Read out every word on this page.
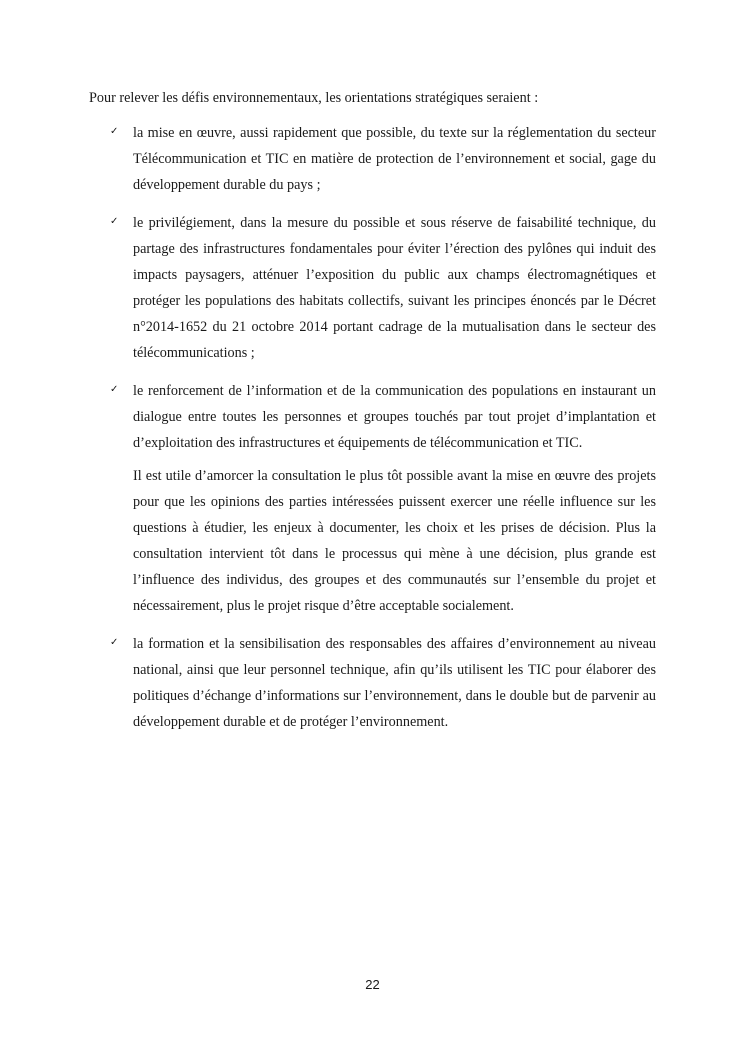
Pour relever les défis environnementaux, les orientations stratégiques seraient :

✓ la mise en œuvre, aussi rapidement que possible, du texte sur la réglementation du secteur Télécommunication et TIC en matière de protection de l’environnement et social, gage du développement durable du pays ;

✓ le privilégiement, dans la mesure du possible et sous réserve de faisabilité technique, du partage des infrastructures fondamentales pour éviter l’érection des pylônes qui induit des impacts paysagers, atténuer l’exposition du public aux champs électromagnétiques et protéger les populations des habitats collectifs, suivant les principes énoncés par le Décret n°2014-1652 du 21 octobre 2014 portant cadrage de la mutualisation dans le secteur des télécommunications ;

✓ le renforcement de l’information et de la communication des populations en instaurant un dialogue entre toutes les personnes et groupes touchés par tout projet d’implantation et d’exploitation des infrastructures et équipements de télécommunication et TIC.

Il est utile d’amorcer la consultation le plus tôt possible avant la mise en œuvre des projets pour que les opinions des parties intéressées puissent exercer une réelle influence sur les questions à étudier, les enjeux à documenter, les choix et les prises de décision. Plus la consultation intervient tôt dans le processus qui mène à une décision, plus grande est l’influence des individus, des groupes et des communautés sur l’ensemble du projet et nécessairement, plus le projet risque d’être acceptable socialement.

✓ la formation et la sensibilisation des responsables des affaires d’environnement au niveau national, ainsi que leur personnel technique, afin qu’ils utilisent les TIC pour élaborer des politiques d’échange d’informations sur l’environnement, dans le double but de parvenir au développement durable et de protéger l’environnement.

22
